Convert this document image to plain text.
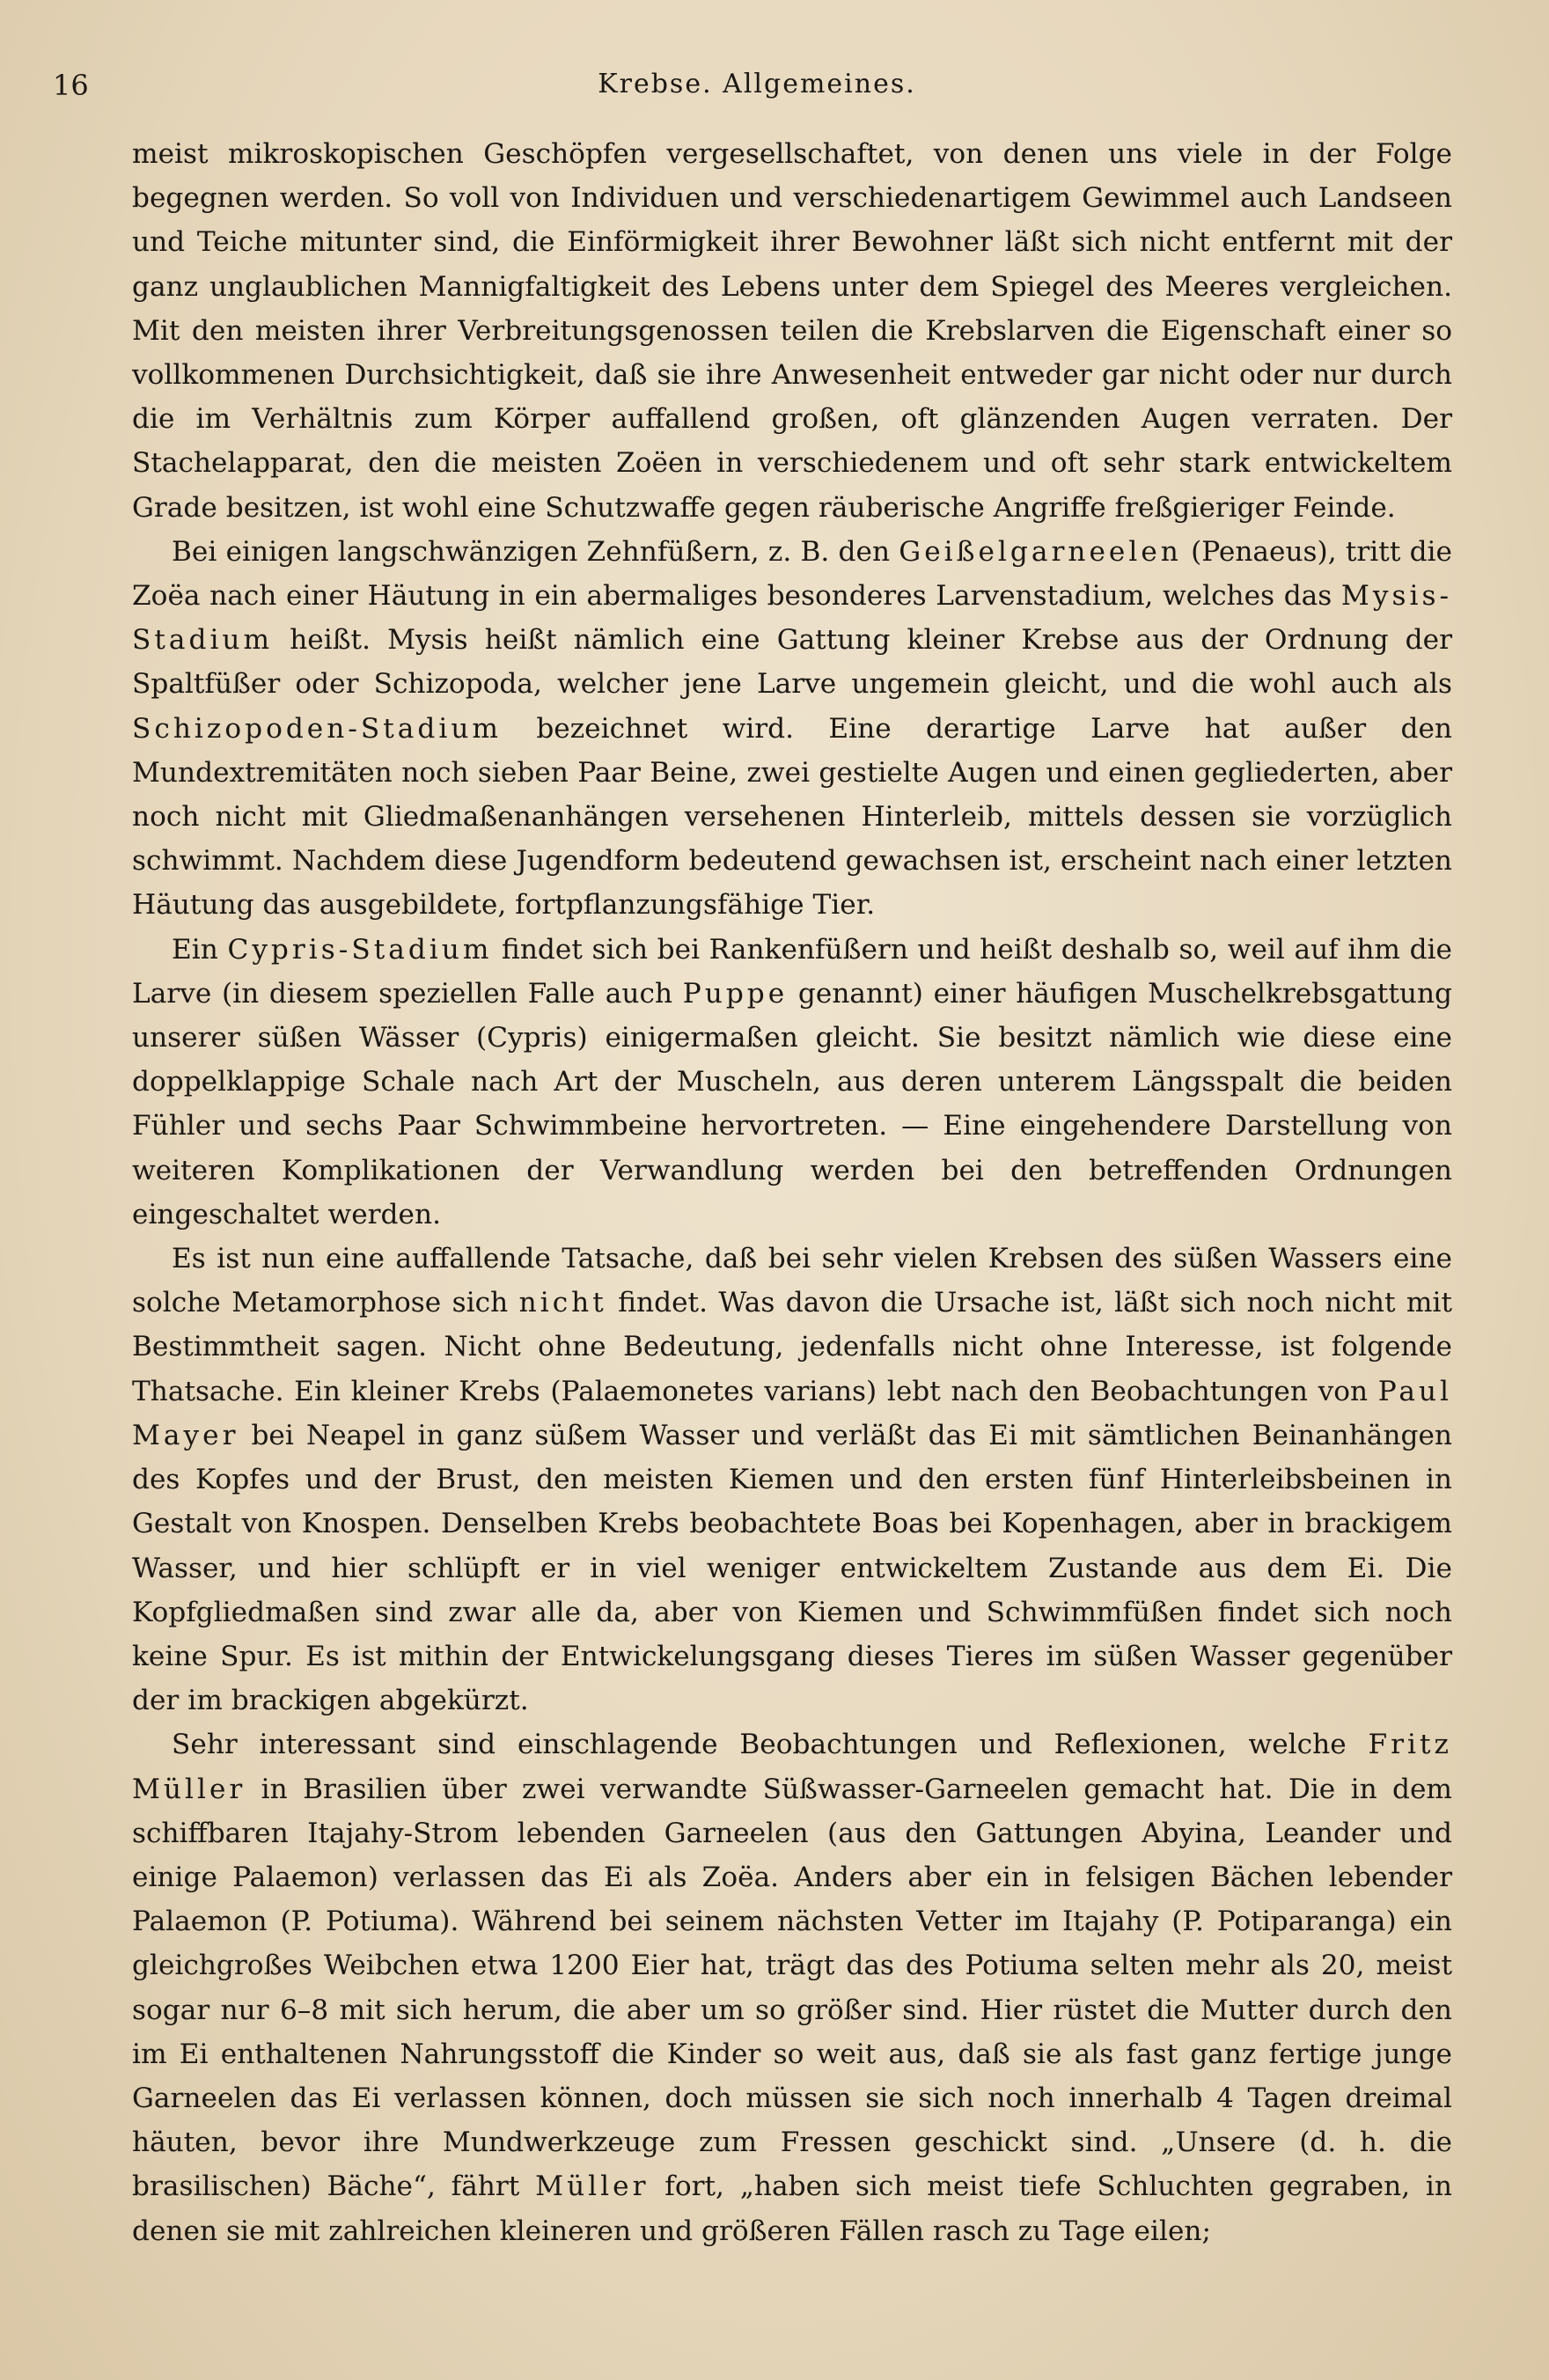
16	Krebse. Allgemeines.

meist mikroskopischen Geschöpfen vergesellschaftet, von denen uns viele in der Folge begegnen werden. So voll von Individuen und verschiedenartigem Gewimmel auch Landseen und Teiche mitunter sind, die Einförmigkeit ihrer Bewohner läßt sich nicht entfernt mit der ganz unglaublichen Mannigfaltigkeit des Lebens unter dem Spiegel des Meeres vergleichen. Mit den meisten ihrer Verbreitungsgenossen teilen die Krebslarven die Eigenschaft einer so vollkommenen Durchsichtigkeit, daß sie ihre Anwesenheit entweder gar nicht oder nur durch die im Verhältnis zum Körper auffallend großen, oft glänzenden Augen verraten. Der Stachelapparat, den die meisten Zoëen in verschiedenem und oft sehr stark entwickeltem Grade besitzen, ist wohl eine Schutzwaffe gegen räuberische Angriffe freßgieriger Feinde.

Bei einigen langschwänzigen Zehnfüßern, z. B. den Geißelgarneelen (Penaeus), tritt die Zoëa nach einer Häutung in ein abermaliges besonderes Larvenstadium, welches das Mysis-Stadium heißt. Mysis heißt nämlich eine Gattung kleiner Krebse aus der Ordnung der Spaltfüßer oder Schizopoda, welcher jene Larve ungemein gleicht, und die wohl auch als Schizopoden-Stadium bezeichnet wird. Eine derartige Larve hat außer den Mundextremitäten noch sieben Paar Beine, zwei gestielte Augen und einen gegliederten, aber noch nicht mit Gliedmaßenanhängen versehenen Hinterleib, mittels dessen sie vorzüglich schwimmt. Nachdem diese Jugendform bedeutend gewachsen ist, erscheint nach einer letzten Häutung das ausgebildete, fortpflanzungsfähige Tier.

Ein Cypris-Stadium findet sich bei Rankenfüßern und heißt deshalb so, weil auf ihm die Larve (in diesem speziellen Falle auch Puppe genannt) einer häufigen Muschelkrebsgattung unserer süßen Wässer (Cypris) einigermaßen gleicht. Sie besitzt nämlich wie diese eine doppelklappige Schale nach Art der Muscheln, aus deren unterem Längsspalt die beiden Fühler und sechs Paar Schwimmbeine hervortreten. — Eine eingehendere Darstellung von weiteren Komplikationen der Verwandlung werden bei den betreffenden Ordnungen eingeschaltet werden.

Es ist nun eine auffallende Tatsache, daß bei sehr vielen Krebsen des süßen Wassers eine solche Metamorphose sich nicht findet. Was davon die Ursache ist, läßt sich noch nicht mit Bestimmtheit sagen. Nicht ohne Bedeutung, jedenfalls nicht ohne Interesse, ist folgende Thatsache. Ein kleiner Krebs (Palaemonetes varians) lebt nach den Beobachtungen von Paul Mayer bei Neapel in ganz süßem Wasser und verläßt das Ei mit sämtlichen Beinanhängen des Kopfes und der Brust, den meisten Kiemen und den ersten fünf Hinterleibsbeinen in Gestalt von Knospen. Denselben Krebs beobachtete Boas bei Kopenhagen, aber in brackigem Wasser, und hier schlüpft er in viel weniger entwickeltem Zustande aus dem Ei. Die Kopfgliedmaßen sind zwar alle da, aber von Kiemen und Schwimmfüßen findet sich noch keine Spur. Es ist mithin der Entwickelungsgang dieses Tieres im süßen Wasser gegenüber der im brackigen abgekürzt.

Sehr interessant sind einschlagende Beobachtungen und Reflexionen, welche Fritz Müller in Brasilien über zwei verwandte Süßwasser-Garneelen gemacht hat. Die in dem schiffbaren Itajahy-Strom lebenden Garneelen (aus den Gattungen Abyina, Leander und einige Palaemon) verlassen das Ei als Zoëa. Anders aber ein in felsigen Bächen lebender Palaemon (P. Potiuma). Während bei seinem nächsten Vetter im Itajahy (P. Potiparanga) ein gleichgroßes Weibchen etwa 1200 Eier hat, trägt das des Potiuma selten mehr als 20, meist sogar nur 6–8 mit sich herum, die aber um so größer sind. Hier rüstet die Mutter durch den im Ei enthaltenen Nahrungsstoff die Kinder so weit aus, daß sie als fast ganz fertige junge Garneelen das Ei verlassen können, doch müssen sie sich noch innerhalb 4 Tagen dreimal häuten, bevor ihre Mundwerkzeuge zum Fressen geschickt sind. „Unsere (d. h. die brasilischen) Bäche“, fährt Müller fort, „haben sich meist tiefe Schluchten gegraben, in denen sie mit zahlreichen kleineren und größeren Fällen rasch zu Tage eilen;
